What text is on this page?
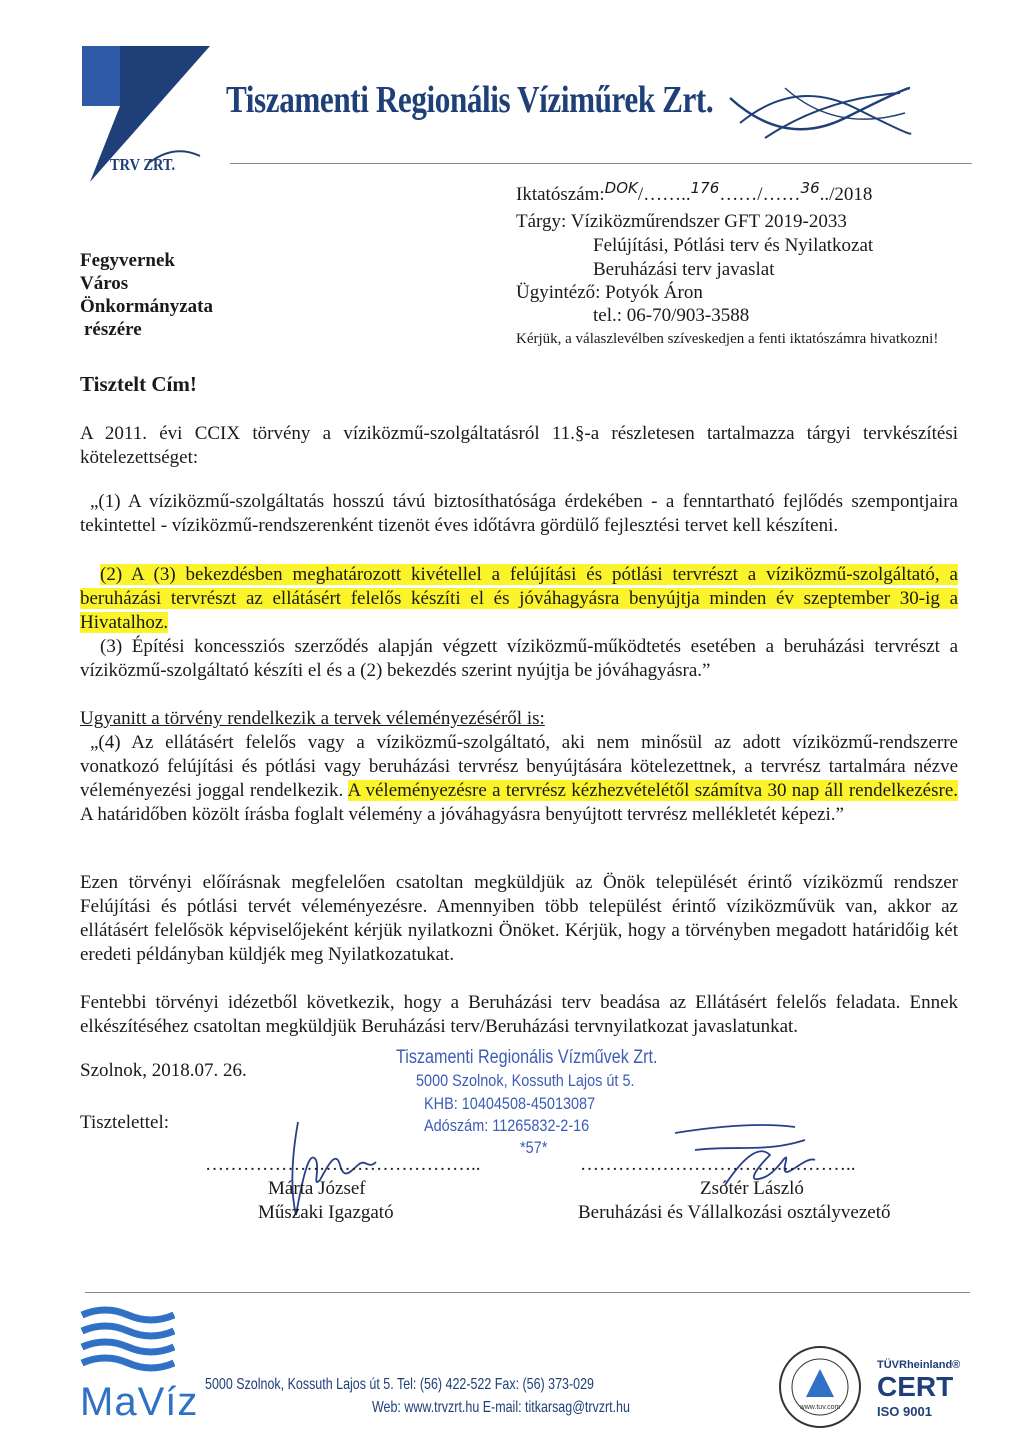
Tiszamenti Regionális Víziműrek Zrt.
TRV ZRT.
Fegyvernek
Város
Önkormányzata
részére
Tisztelt Cím!
Iktatószám:$^{DOK}$/……..$^{176}$……/……$^{36}$../2018
Tárgy: Víziközműrendszer GFT 2019-2033
Felújítási, Pótlási terv és Nyilatkozat
Beruházási terv javaslat
Ügyintéző: Potyók Áron
tel.: 06-70/903-3588
Kérjük, a válaszlevélben szíveskedjen a fenti iktatószámra hivatkozni!
A 2011. évi CCIX törvény a víziközmű-szolgáltatásról 11.§-a részletesen tartalmazza tárgyi tervkészítési kötelezettséget:
„(1) A víziközmű-szolgáltatás hosszú távú biztosíthatósága érdekében - a fenntartható fejlődés szempontjaira tekintettel - víziközmű-rendszerenként tizenöt éves időtávra gördülő fejlesztési tervet kell készíteni.
(2) A (3) bekezdésben meghatározott kivétellel a felújítási és pótlási tervrészt a víziközmű-szolgáltató, a beruházási tervrészt az ellátásért felelős készíti el és jóváhagyásra benyújtja minden év szeptember 30-ig a Hivatalhoz.
(3) Építési koncessziós szerződés alapján végzett víziközmű-működtetés esetében a beruházási tervrészt a víziközmű-szolgáltató készíti el és a (2) bekezdés szerint nyújtja be jóváhagyásra.”
Ugyanitt a törvény rendelkezik a tervek véleményezéséről is:
„(4) Az ellátásért felelős vagy a víziközmű-szolgáltató, aki nem minősül az adott víziközmű-rendszerre vonatkozó felújítási és pótlási vagy beruházási tervrész benyújtására kötelezettnek, a tervrész tartalmára nézve véleményezési joggal rendelkezik. A véleményezésre a tervrész kézhezvételétől számítva 30 nap áll rendelkezésre. A határidőben közölt írásba foglalt vélemény a jóváhagyásra benyújtott tervrész mellékletét képezi.”
Ezen törvényi előírásnak megfelelően csatoltan megküldjük az Önök települését érintő víziközmű rendszer Felújítási és pótlási tervét véleményezésre. Amennyiben több települést érintő víziközművük van, akkor az ellátásért felelősök képviselőjeként kérjük nyilatkozni Önöket. Kérjük, hogy a törvényben megadott határidőig két eredeti példányban küldjék meg Nyilatkozatukat.
Fentebbi törvényi idézetből következik, hogy a Beruházási terv beadása az Ellátásért felelős feladata. Ennek elkészítéséhez csatoltan megküldjük Beruházási terv/Beruházási tervnyilatkozat javaslatunkat.
Szolnok, 2018.07. 26.
Tisztelettel:
Tiszamenti Regionális Vízművek Zrt.
5000 Szolnok, Kossuth Lajos út 5.
KHB: 10404508-45013087
Adószám: 11265832-2-16
*57*
……………………………………..	……………………………………..
Márta József
Műszaki Igazgató
Zsótér László
Beruházási és Vállalkozási osztályvezető
MaVíz 5000 Szolnok, Kossuth Lajos út 5. Tel: (56) 422-522 Fax: (56) 373-029
Web: www.trvzrt.hu E-mail: titkarsag@trvzrt.hu	www.tuv.com
TÜVRheinland®
CERT
ISO 9001
